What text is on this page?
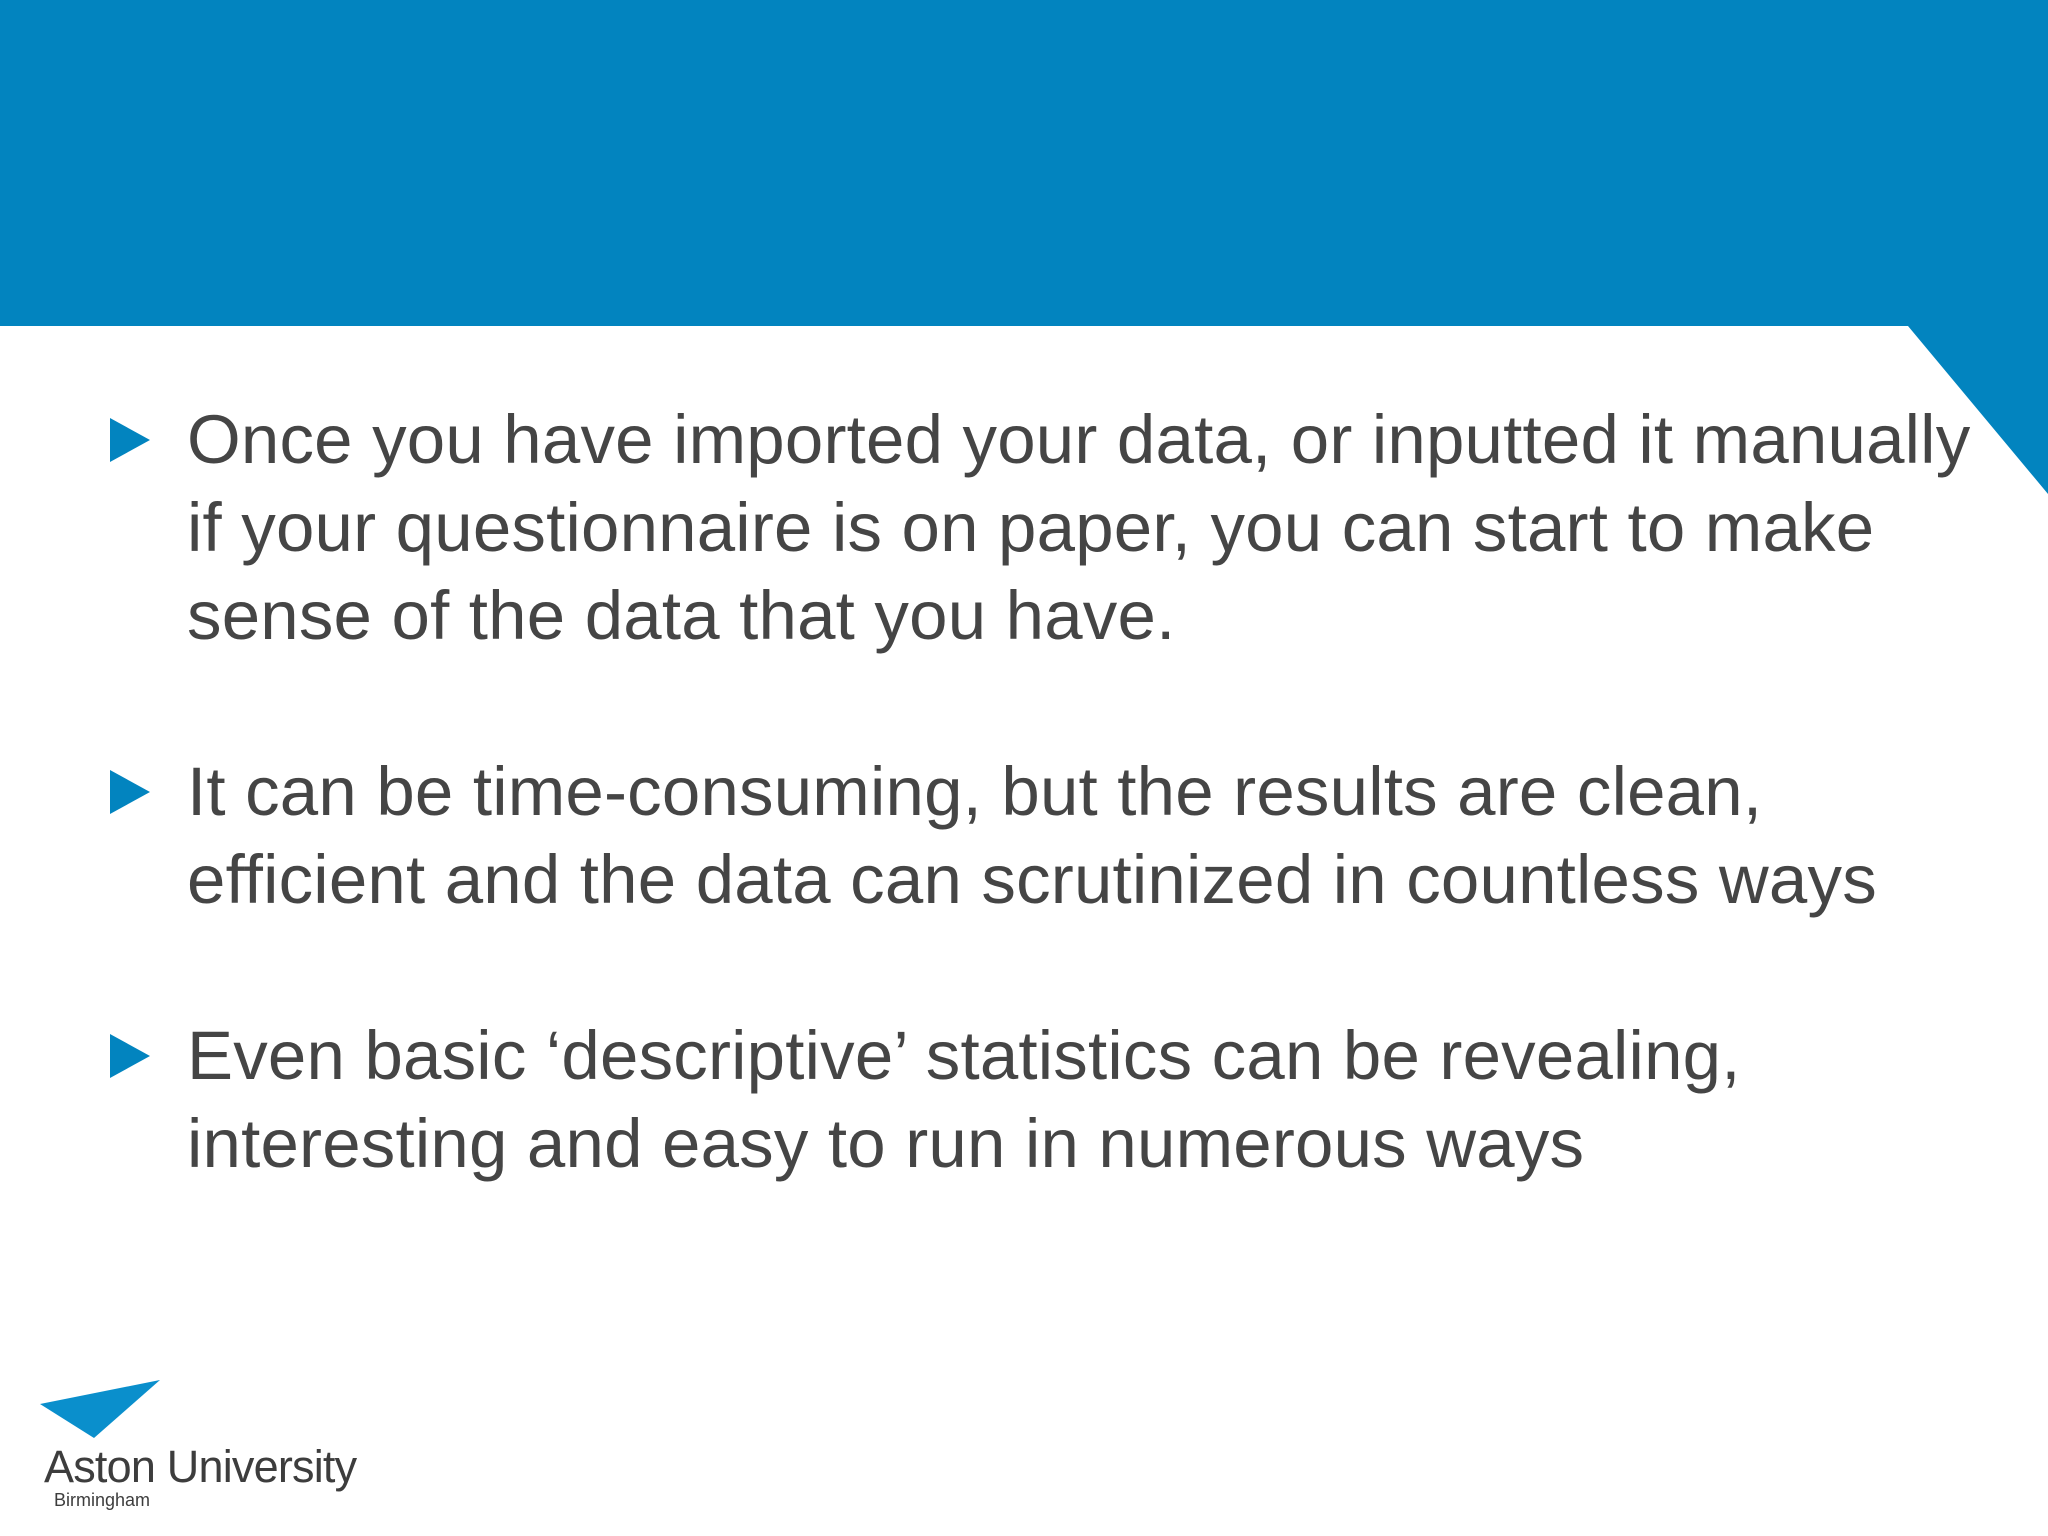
Once you have imported your data, or inputted it manually
if your questionnaire is on paper, you can start to make
sense of the data that you have.
It can be time-consuming, but the results are clean,
efficient and the data can scrutinized in countless ways
Even basic ‘descriptive’ statistics can be revealing,
interesting and easy to run in numerous ways
Aston University
Birmingham
